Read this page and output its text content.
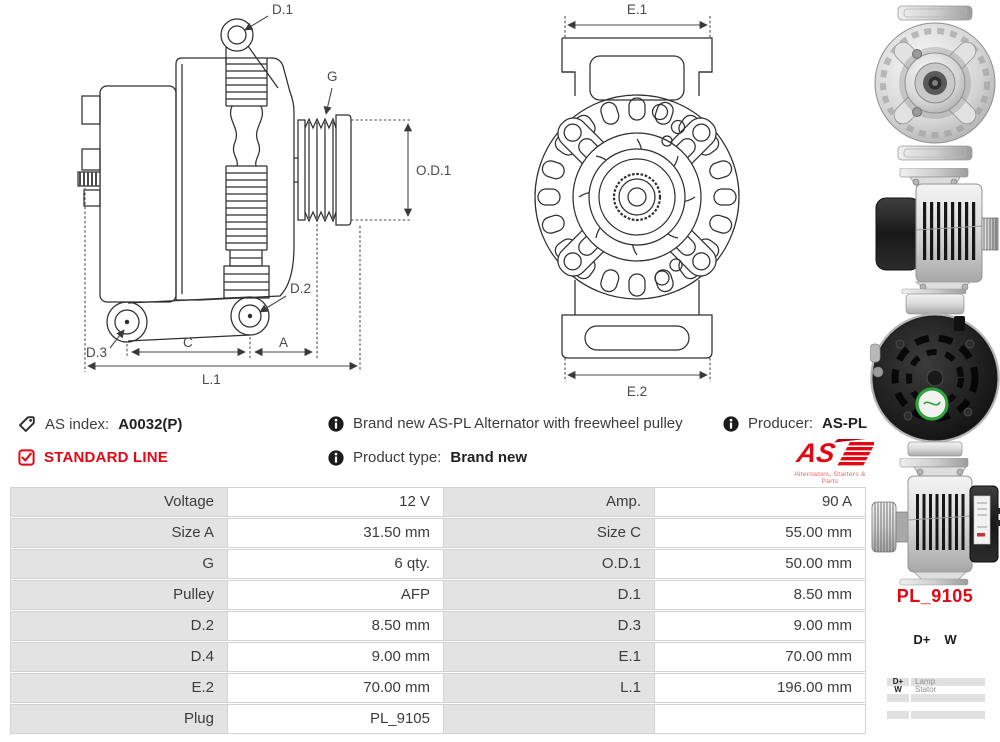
D.1
G
O.D.1
D.2
D.3
C	A
L.1
E.1
E.2
AS index: A0032(P)
STANDARD LINE
Brand new AS-PL Alternator with freewheel pulley
Product type: Brand new
Producer: AS-PL
AS
Alternators, Starters & Parts
Voltage	12 V	Amp.	90 A
Size A	31.50 mm	Size C	55.00 mm
G	6 qty.	O.D.1	50.00 mm
Pulley	AFP	D.1	8.50 mm
D.2	8.50 mm	D.3	9.00 mm
D.4	9.00 mm	E.1	70.00 mm
E.2	70.00 mm	L.1	196.00 mm
Plug	PL_9105
PL_9105
D+ W
D+	Lamp
W	Stator
